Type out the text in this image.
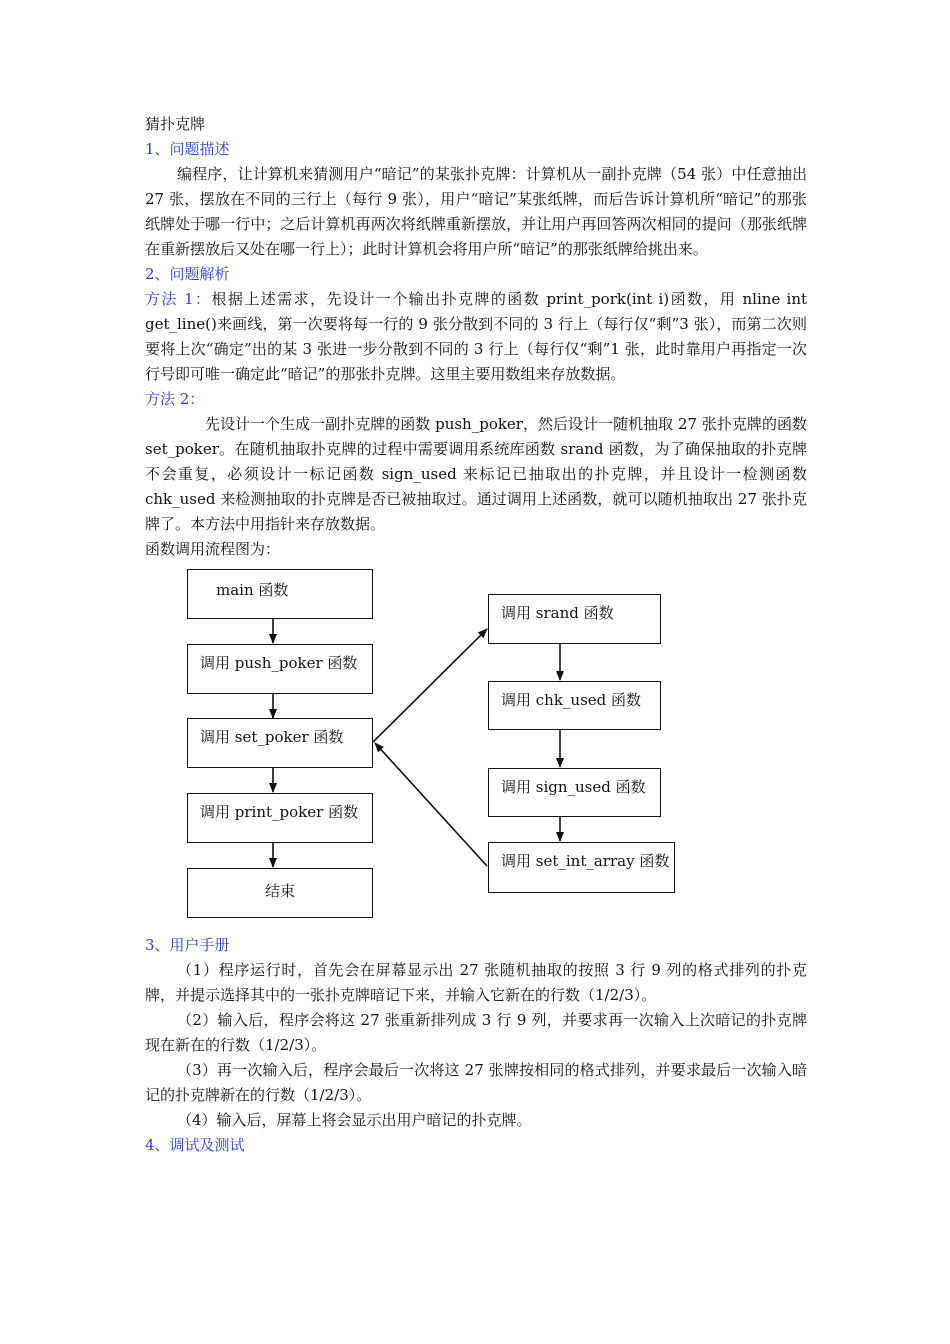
猜扑克牌
1、问题描述

编程序，让计算机来猜测用户“暗记”的某张扑克牌：计算机从一副扑克牌（54 张）中任意抽出 27 张，摆放在不同的三行上（每行 9 张），用户“暗记”某张纸牌，而后告诉计算机所“暗记”的那张纸牌处于哪一行中；之后计算机再两次将纸牌重新摆放，并让用户再回答两次相同的提问（那张纸牌在重新摆放后又处在哪一行上）；此时计算机会将用户所“暗记”的那张纸牌给挑出来。

2、问题解析

方法 1：根据上述需求，先设计一个输出扑克牌的函数 print_pork(int i)函数，用 nline int get_line()来画线，第一次要将每一行的 9 张分散到不同的 3 行上（每行仅“剩”3 张），而第二次则要将上次“确定”出的某 3 张进一步分散到不同的 3 行上（每行仅“剩”1 张，此时靠用户再指定一次行号即可唯一确定此“暗记”的那张扑克牌。这里主要用数组来存放数据。

方法 2：

先设计一个生成一副扑克牌的函数 push_poker，然后设计一随机抽取 27 张扑克牌的函数 set_poker。在随机抽取扑克牌的过程中需要调用系统库函数 srand 函数，为了确保抽取的扑克牌不会重复，必须设计一标记函数 sign_used 来标记已抽取出的扑克牌，并且设计一检测函数 chk_used 来检测抽取的扑克牌是否已被抽取过。通过调用上述函数，就可以随机抽取出 27 张扑克牌了。本方法中用指针来存放数据。

函数调用流程图为：
main 函数
调用 push_poker 函数
调用 set_poker 函数
调用 print_poker 函数
结束
调用 srand 函数
调用 chk_used 函数
调用 sign_used 函数
调用 set_int_array 函数
3、用户手册

（1）程序运行时，首先会在屏幕显示出 27 张随机抽取的按照 3 行 9 列的格式排列的扑克牌，并提示选择其中的一张扑克牌暗记下来，并输入它新在的行数（1/2/3）。

（2）输入后，程序会将这 27 张重新排列成 3 行 9 列，并要求再一次输入上次暗记的扑克牌现在新在的行数（1/2/3）。

（3）再一次输入后，程序会最后一次将这 27 张牌按相同的格式排列，并要求最后一次输入暗记的扑克牌新在的行数（1/2/3）。

（4）输入后，屏幕上将会显示出用户暗记的扑克牌。

4、调试及测试
